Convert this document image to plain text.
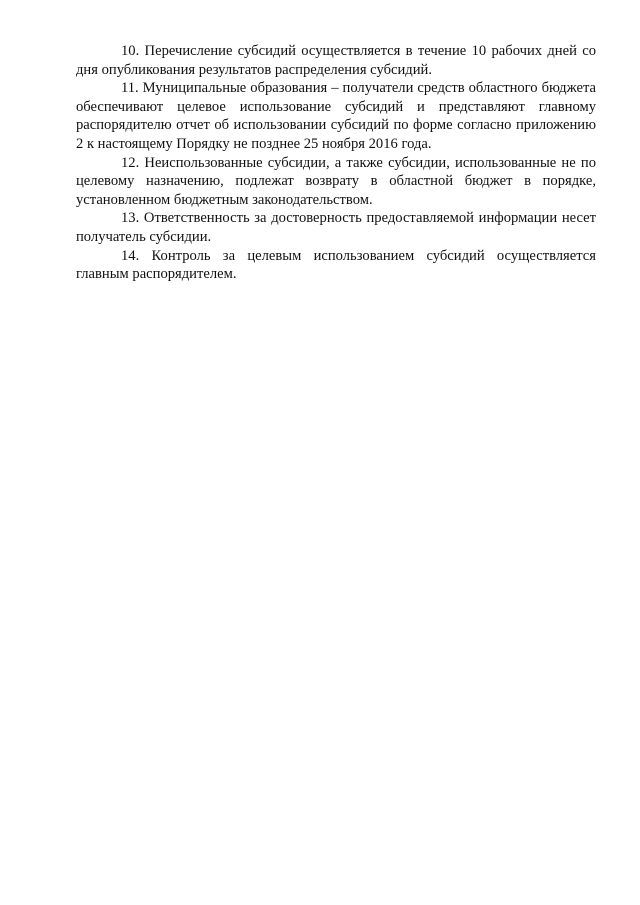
10. Перечисление субсидий осуществляется в течение 10 рабочих дней со дня опубликования результатов распределения субсидий.

11. Муниципальные образования – получатели средств областного бюджета обеспечивают целевое использование субсидий и представляют главному распорядителю отчет об использовании субсидий по форме согласно приложению 2 к настоящему Порядку не позднее 25 ноября 2016 года.

12. Неиспользованные субсидии, а также субсидии, использованные не по целевому назначению, подлежат возврату в областной бюджет в порядке, установленном бюджетным законодательством.

13. Ответственность за достоверность предоставляемой информации несет получатель субсидии.

14. Контроль за целевым использованием субсидий осуществляется главным распорядителем.
